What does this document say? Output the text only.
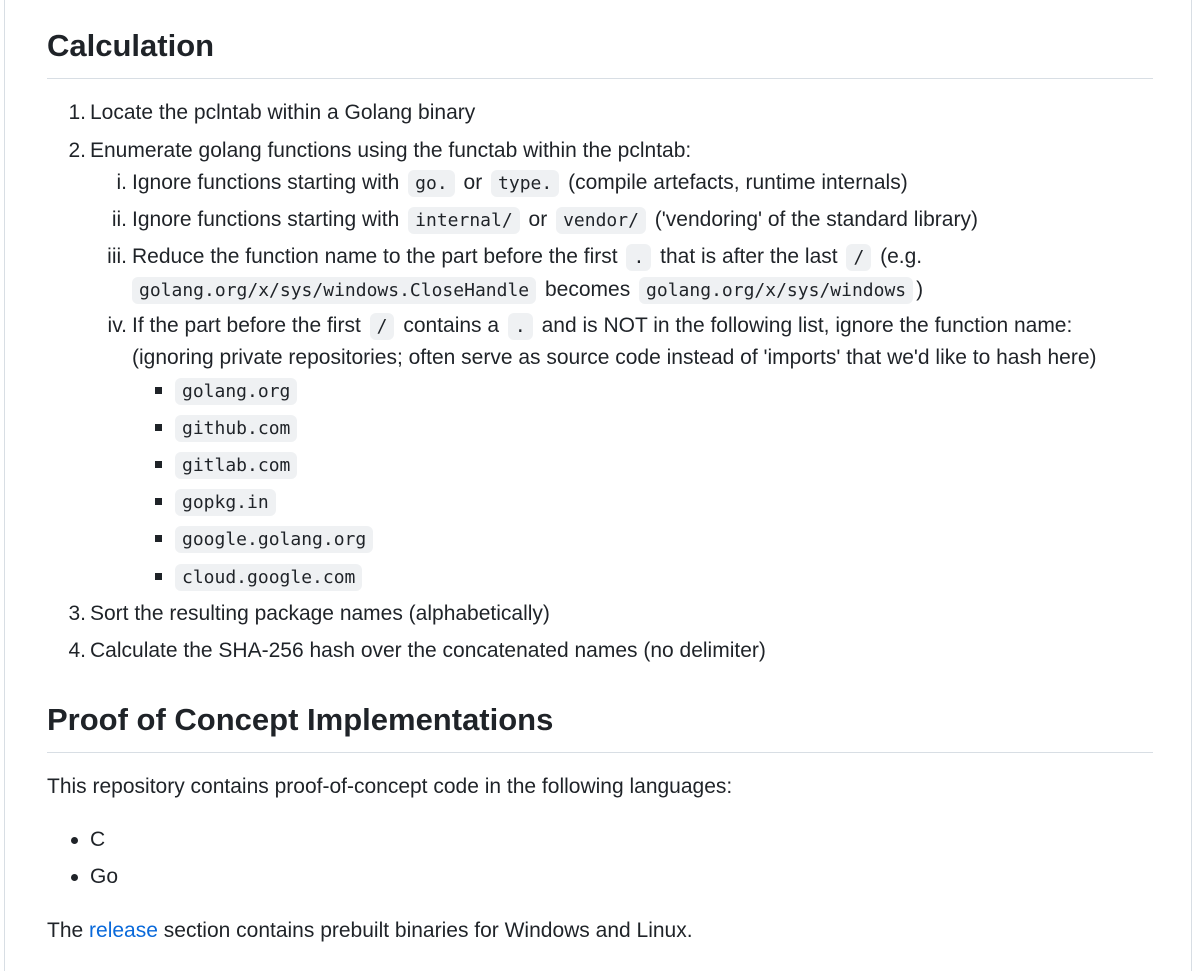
Calculation
1. Locate the pclntab within a Golang binary
2. Enumerate golang functions using the functab within the pclntab:
i. Ignore functions starting with go. or type. (compile artefacts, runtime internals)
ii. Ignore functions starting with internal/ or vendor/ ('vendoring' of the standard library)
iii. Reduce the function name to the part before the first . that is after the last / (e.g.
golang.org/x/sys/windows.CloseHandle becomes golang.org/x/sys/windows )
iv. If the part before the first / contains a . and is NOT in the following list, ignore the function name:
(ignoring private repositories; often serve as source code instead of 'imports' that we'd like to hash here)
golang.org
github.com
gitlab.com
gopkg.in
google.golang.org
cloud.google.com
3. Sort the resulting package names (alphabetically)
4. Calculate the SHA-256 hash over the concatenated names (no delimiter)
Proof of Concept Implementations
This repository contains proof-of-concept code in the following languages:
C
Go
The release section contains prebuilt binaries for Windows and Linux.
